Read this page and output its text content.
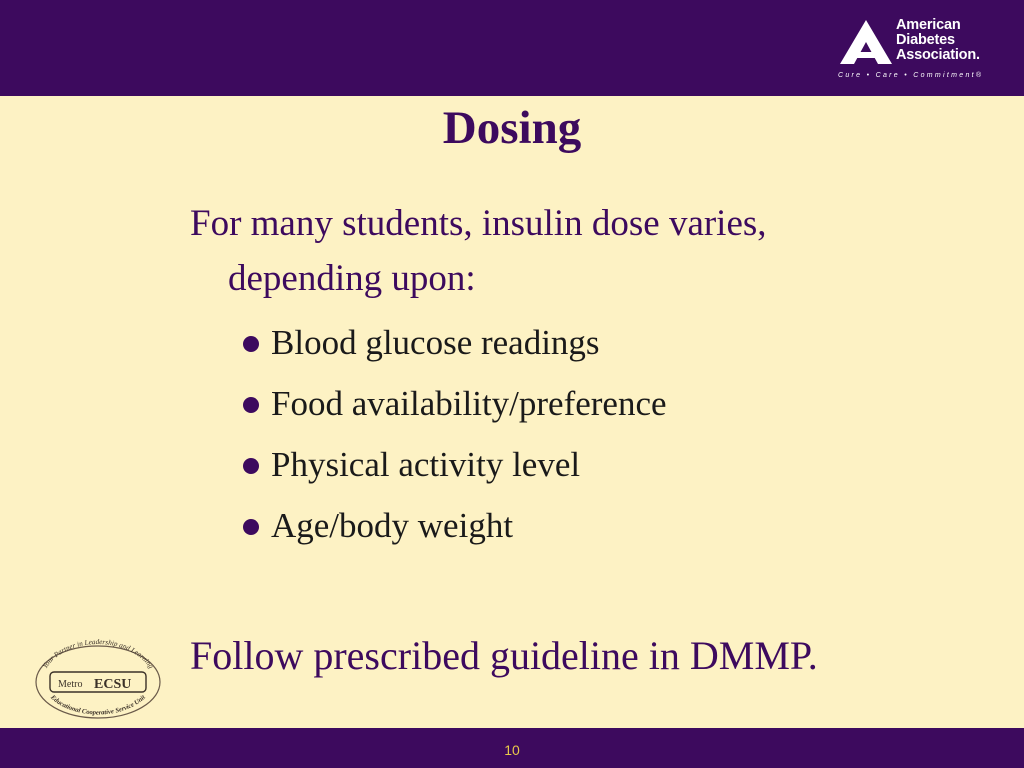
American
Diabetes
Association.
Cure • Care • Commitment®
Dosing

For many students, insulin dose varies,
depending upon:

Blood glucose readings
Food availability/preference
Physical activity level
Age/body weight

Follow prescribed guideline in DMMP.

Your Partner in Leadership and Learning
Metro ECSU
Educational Cooperative Service Unit
10
